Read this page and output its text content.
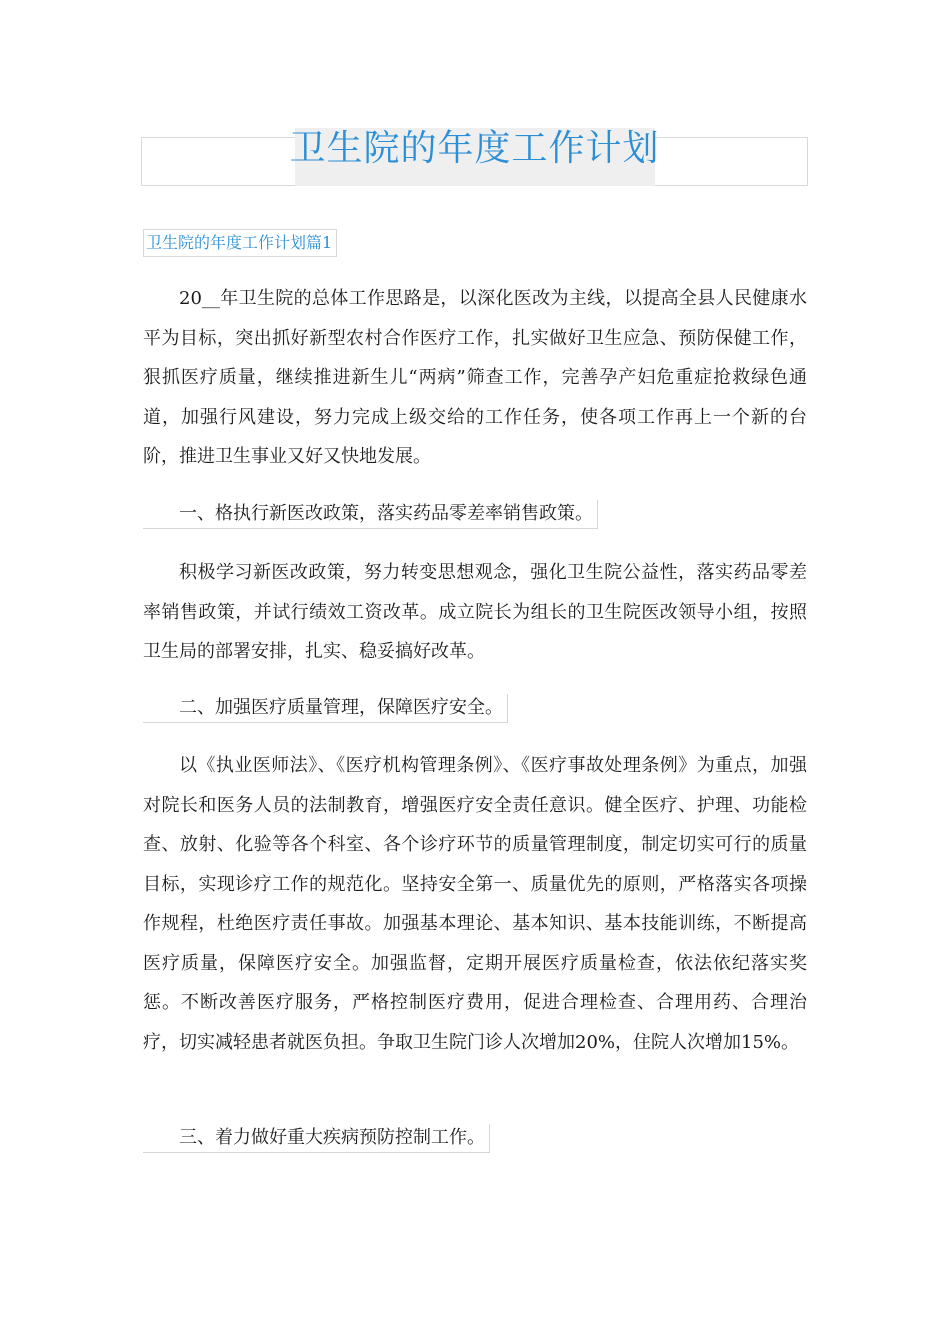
卫生院的年度工作计划
卫生院的年度工作计划篇1

20__年卫生院的总体工作思路是，以深化医改为主线，以提高全县人民健康水平为目标，突出抓好新型农村合作医疗工作，扎实做好卫生应急、预防保健工作，狠抓医疗质量，继续推进新生儿“两病”筛查工作，完善孕产妇危重症抢救绿色通道，加强行风建设，努力完成上级交给的工作任务，使各项工作再上一个新的台阶，推进卫生事业又好又快地发展。

一、格执行新医改政策，落实药品零差率销售政策。

积极学习新医改政策，努力转变思想观念，强化卫生院公益性，落实药品零差率销售政策，并试行绩效工资改革。成立院长为组长的卫生院医改领导小组，按照卫生局的部署安排，扎实、稳妥搞好改革。

二、加强医疗质量管理，保障医疗安全。

以《执业医师法》、《医疗机构管理条例》、《医疗事故处理条例》为重点，加强对院长和医务人员的法制教育，增强医疗安全责任意识。健全医疗、护理、功能检查、放射、化验等各个科室、各个诊疗环节的质量管理制度，制定切实可行的质量目标，实现诊疗工作的规范化。坚持安全第一、质量优先的原则，严格落实各项操作规程，杜绝医疗责任事故。加强基本理论、基本知识、基本技能训练，不断提高医疗质量，保障医疗安全。加强监督，定期开展医疗质量检查，依法依纪落实奖惩。不断改善医疗服务，严格控制医疗费用，促进合理检查、合理用药、合理治疗，切实减轻患者就医负担。争取卫生院门诊人次增加20%，住院人次增加15%。

三、着力做好重大疾病预防控制工作。
